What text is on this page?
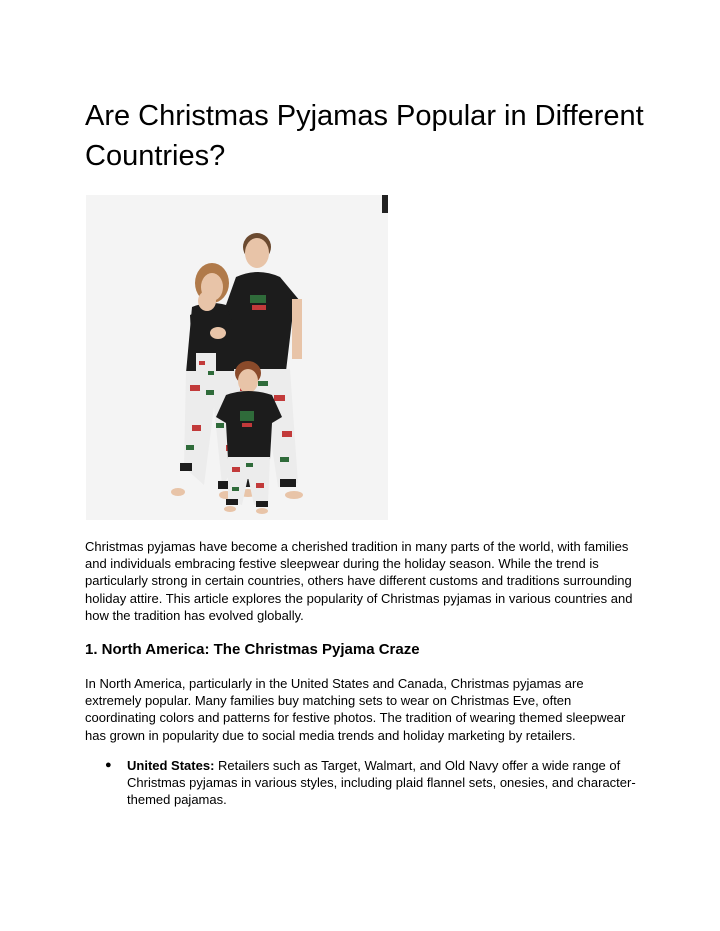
Are Christmas Pyjamas Popular in Different Countries?

Christmas pyjamas have become a cherished tradition in many parts of the world, with families and individuals embracing festive sleepwear during the holiday season. While the trend is particularly strong in certain countries, others have different customs and traditions surrounding holiday attire. This article explores the popularity of Christmas pyjamas in various countries and how the tradition has evolved globally.

1. North America: The Christmas Pyjama Craze

In North America, particularly in the United States and Canada, Christmas pyjamas are extremely popular. Many families buy matching sets to wear on Christmas Eve, often coordinating colors and patterns for festive photos. The tradition of wearing themed sleepwear has grown in popularity due to social media trends and holiday marketing by retailers.

● United States: Retailers such as Target, Walmart, and Old Navy offer a wide range of Christmas pyjamas in various styles, including plaid flannel sets, onesies, and character-themed pajamas.
